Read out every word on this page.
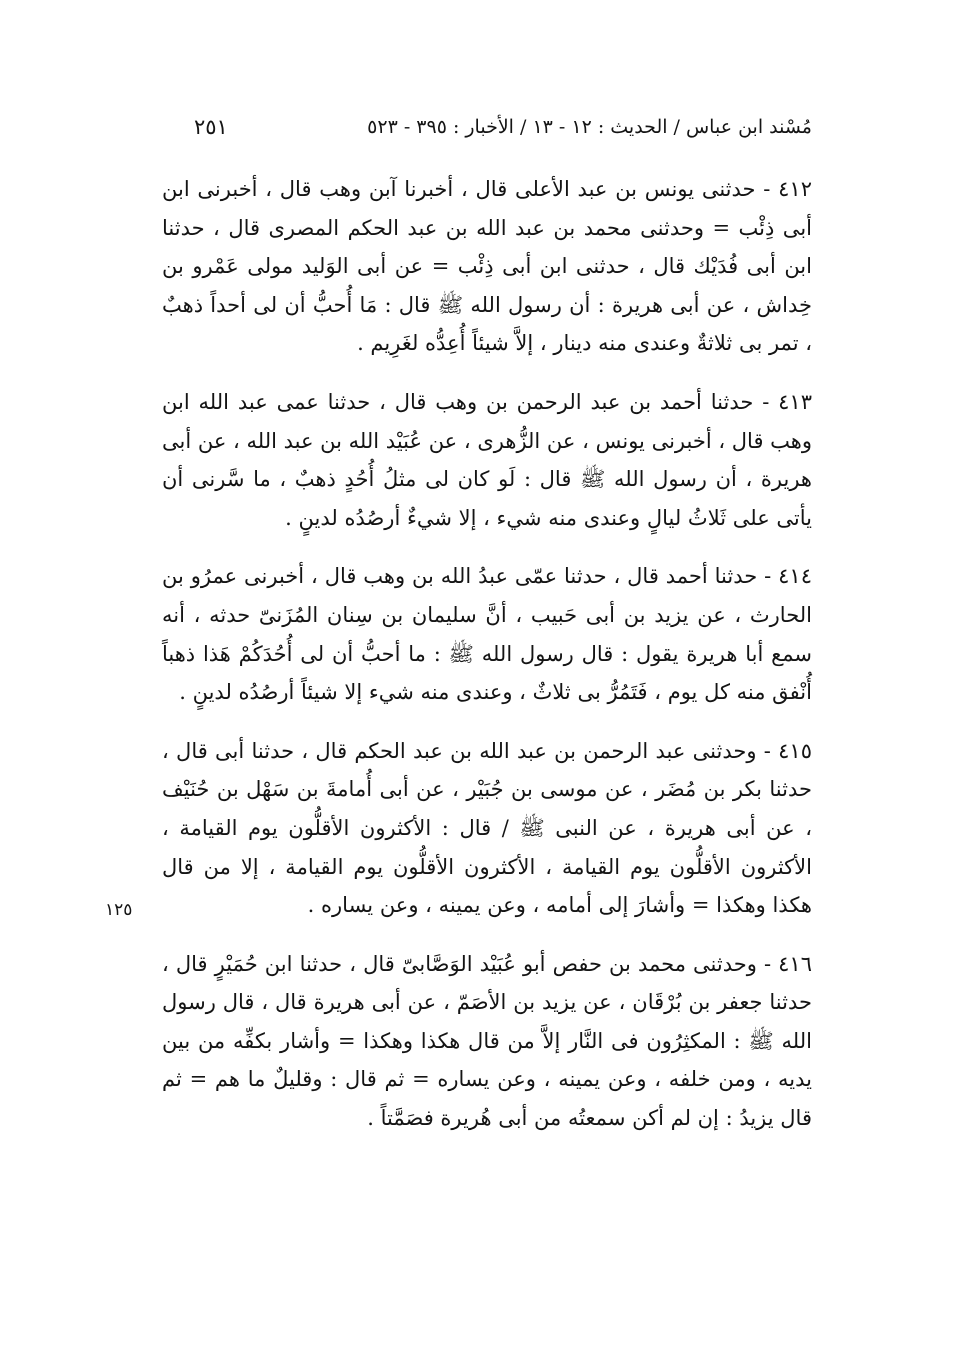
مُسْند ابن عباس / الحديث : ١٢ - ١٣ / الأخبار : ٣٩٥ - ٥٢٣
٢٥١

٤١٢ - حدثنى يونس بن عبد الأعلى قال ، أخبرنا آبن وهب قال ، أخبرنى ابن أبى ذِئْب = وحدثنى محمد بن عبد الله بن عبد الحكم المصرى قال ، حدثنا ابن أبى فُدَيْك قال ، حدثنى ابن أبى ذِئْب = عن أبى الوَليد مولى عَمْرو بن خِداش ، عن أبى هريرة : أن رسول الله ﷺ قال : مَا أُحبُّ أن لى أحداً ذهبٌ ، تمر بى ثلاثةٌ وعندى منه دينار ، إلاَّ شيئاً أُعِدُّه لغَرِيم .

٤١٣ - حدثنا أحمد بن عبد الرحمن بن وهب قال ، حدثنا عمى عبد الله ابن وهب قال ، أخبرنى يونس ، عن الزُّهرى ، عن عُبَيْد الله بن عبد الله ، عن أبى هريرة ، أن رسول الله ﷺ قال : لَو كان لى مثلُ أُحُدٍ ذهبٌ ، ما سَّرنى أن يأتى على ثَلاثُ ليالٍ وعندى منه شيء ، إلا شيءٌ أرصُدُه لدينٍ .

٤١٤ - حدثنا أحمد قال ، حدثنا عمّى عبدُ الله بن وهب قال ، أخبرنى عمرُو بن الحارث ، عن يزيد بن أبى حَبيب ، أنَّ سليمان بن سِنان المُزَنىّ حدثه ، أنه سمع أبا هريرة يقول : قال رسول الله ﷺ : ما أحبُّ أن لى أُحُدَكُمْ هَذا ذهباً أُنْفق منه كل يوم ، فَتَمُرُّ بى ثلاثٌ ، وعندى منه شيء إلا شيئاً أرصُدُه لدينٍ .

٤١٥ - وحدثنى عبد الرحمن بن عبد الله بن عبد الحكم قال ، حدثنا أبى قال ، حدثنا بكر بن مُضَر ، عن موسى بن جُبَيْر ، عن أبى أُمامةَ بن سَهْل بن حُنَيْف ، عن أبى هريرة ، عن النبى ﷺ / قال : الأكثرون الأقلُّون يوم القيامة ، الأكثرون الأقلُّون يوم القيامة ، الأكثرون الأقلُّون يوم القيامة ، إلا من قال هكذا وهكذا = وأشارَ إلى أمامه ، وعن يمينه ، وعن يساره .

٤١٦ - وحدثنى محمد بن حفص أبو عُبَيْد الوَصَّابىّ قال ، حدثنا ابن حُمَيْرٍ قال ، حدثنا جعفر بن بُرْقَان ، عن يزيد بن الأصَمّ ، عن أبى هريرة قال ، قال رسول الله ﷺ : المكثِرُون فى النَّار إلاَّ من قال هكذا وهكذا = وأشار بكفِّه من بين يديه ، ومن خلفه ، وعن يمينه ، وعن يساره = ثم قال : وقليلٌ ما هم = ثم قال يزيدُ : إن لم أكن سمعتُه من أبى هُريرة فصَمَّتاً .

١٢٥
